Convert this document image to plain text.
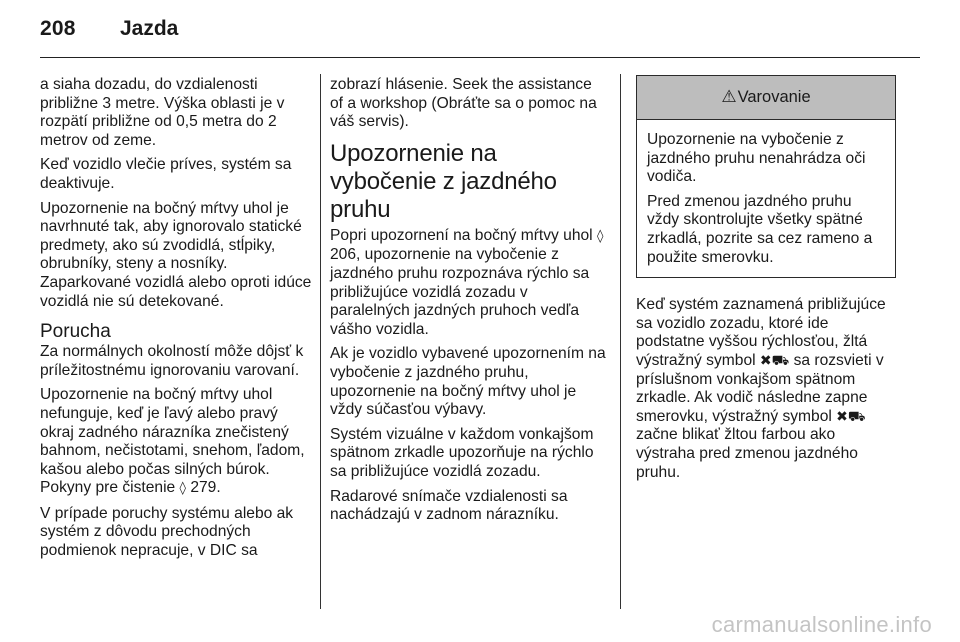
208 Jazda

a siaha dozadu, do vzdialenosti približne 3 metre. Výška oblasti je v rozpätí približne od 0,5 metra do 2 metrov od zeme.

Keď vozidlo vlečie príves, systém sa deaktivuje.

Upozornenie na bočný mŕtvy uhol je navrhnuté tak, aby ignorovalo statické predmety, ako sú zvodidlá, stĺpiky, obrubníky, steny a nosníky. Zaparkované vozidlá alebo oproti idúce vozidlá nie sú detekované.

Porucha

Za normálnych okolností môže dôjsť k príležitostnému ignorovaniu varovaní.

Upozornenie na bočný mŕtvy uhol nefunguje, keď je ľavý alebo pravý okraj zadného nárazníka znečistený bahnom, nečistotami, snehom, ľadom, kašou alebo počas silných búrok. Pokyny pre čistenie ◊ 279.

V prípade poruchy systému alebo ak systém z dôvodu prechodných podmienok nepracuje, v DIC sa

zobrazí hlásenie. Seek the assistance of a workshop (Obráťte sa o pomoc na váš servis).

Upozornenie na vybočenie z jazdného pruhu

Popri upozornení na bočný mŕtvy uhol ◊ 206, upozornenie na vybočenie z jazdného pruhu rozpoznáva rýchlo sa približujúce vozidlá zozadu v paralelných jazdných pruhoch vedľa vášho vozidla.

Ak je vozidlo vybavené upozornením na vybočenie z jazdného pruhu, upozornenie na bočný mŕtvy uhol je vždy súčasťou výbavy.

Systém vizuálne v každom vonkajšom spätnom zrkadle upozorňuje na rýchlo sa približujúce vozidlá zozadu.

Radarové snímače vzdialenosti sa nachádzajú v zadnom nárazníku.

⚠ Varovanie

Upozornenie na vybočenie z jazdného pruhu nenahrádza oči vodiča.

Pred zmenou jazdného pruhu vždy skontrolujte všetky spätné zrkadlá, pozrite sa cez rameno a použite smerovku.

Keď systém zaznamená približujúce sa vozidlo zozadu, ktoré ide podstatne vyššou rýchlosťou, žltá výstražný symbol ✖⛟ sa rozsvieti v príslušnom vonkajšom spätnom zrkadle. Ak vodič následne zapne smerovku, výstražný symbol ✖⛟ začne blikať žltou farbou ako výstraha pred zmenou jazdného pruhu.

carmanualsonline.info
